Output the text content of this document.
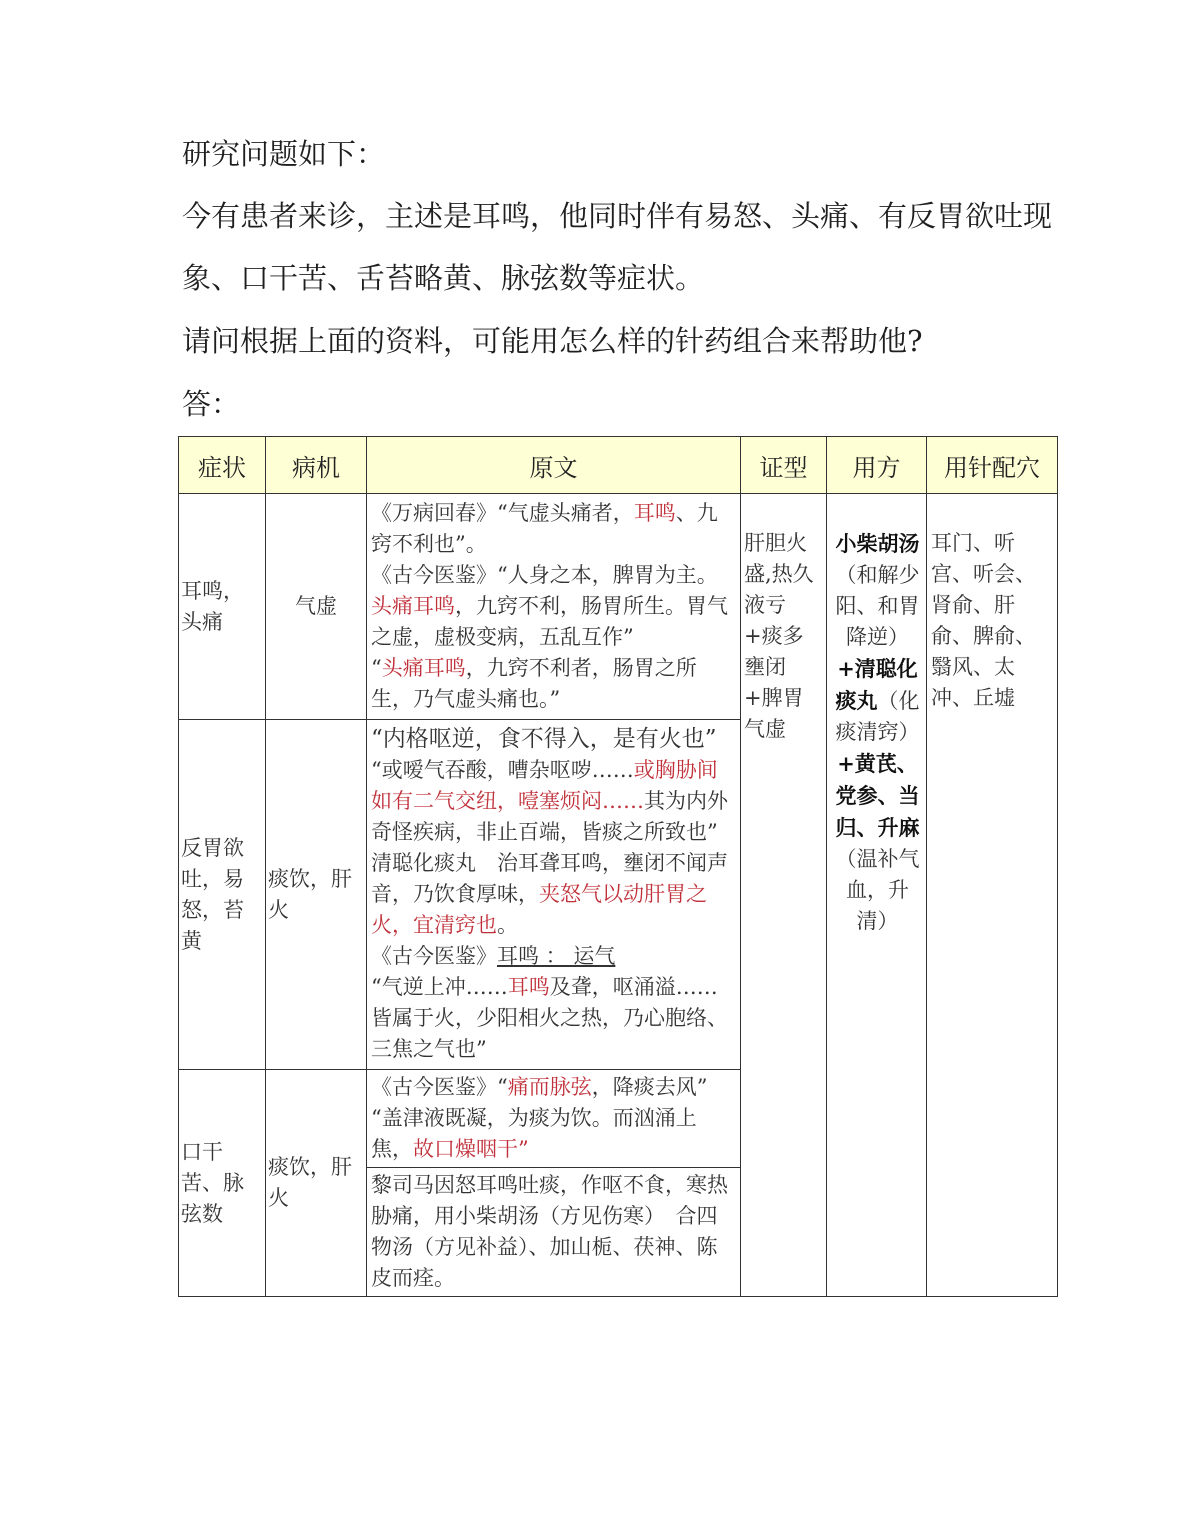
研究问题如下：
今有患者来诊，主述是耳鸣，他同时伴有易怒、头痛、有反胃欲吐现
象、口干苦、舌苔略黄、脉弦数等症状。
请问根据上面的资料，可能用怎么样的针药组合来帮助他?
答：
症状	病机	原文	证型	用方	用针配穴

耳鸣，头痛	气虚	《万病回春》“气虚头痛者，耳鸣、九窍不利也”。
《古今医鉴》“人身之本，脾胃为主。头痛耳鸣，九窍不利，肠胃所生。胃气之虚，虚极变病，五乱互作”
“头痛耳鸣，九窍不利者，肠胃之所生，乃气虚头痛也。”	肝胆火盛,热久液亏+痰多壅闭+脾胃气虚	小柴胡汤（和解少阳、和胃降逆）+清聪化痰丸（化痰清窍）+黄芪、党参、当归、升麻（温补气血，升清）	耳门、听宫、听会、肾俞、肝俞、脾俞、翳风、太冲、丘墟

反胃欲吐，易怒，苔黄	痰饮，肝火	“内格呕逆，食不得入，是有火也”
“或嗳气吞酸，嘈杂呕哕……或胸胁间如有二气交纽，噎塞烦闷……其为内外奇怪疾病，非止百端，皆痰之所致也”
清聪化痰丸　治耳聋耳鸣，壅闭不闻声音，乃饮食厚味，夹怒气以动肝胃之火，宜清窍也。
《古今医鉴》耳鸣 ： 运气
“气逆上冲……耳鸣及聋，呕涌溢……皆属于火，少阳相火之热，乃心胞络、三焦之气也”			

口干苦、脉弦数	痰饮，肝火	《古今医鉴》“痛而脉弦，降痰去风”
“盖津液既凝，为痰为饮。而汹涌上焦，故口燥咽干”
黎司马因怒耳鸣吐痰，作呕不食，寒热胁痛，用小柴胡汤（方见伤寒）　合四物汤（方见补益）、加山栀、茯神、陈皮而痊。			
